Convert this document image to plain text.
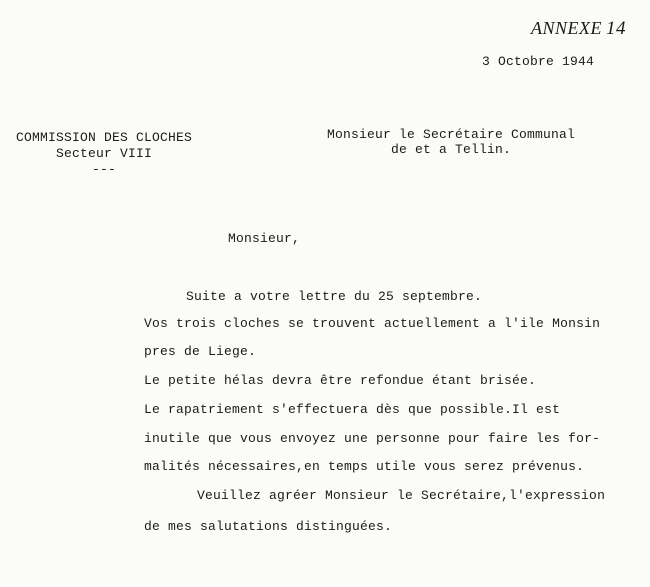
ANNEXE 14
3 Octobre 1944
COMMISSION DES CLOCHES
Secteur VIII
---
Monsieur le Secrétaire Communal
de et a Tellin.
Monsieur,
Suite a votre lettre du 25 septembre.
Vos trois cloches se trouvent actuellement a l'ile Monsin
pres de Liege.
Le petite hélas devra être refondue étant brisée.
Le rapatriement s'effectuera dès que possible.Il est
inutile que vous envoyez une personne pour faire les for-
malités nécessaires,en temps utile vous serez prévenus.
Veuillez agréer Monsieur le Secrétaire,l'expression
de mes salutations distinguées.
